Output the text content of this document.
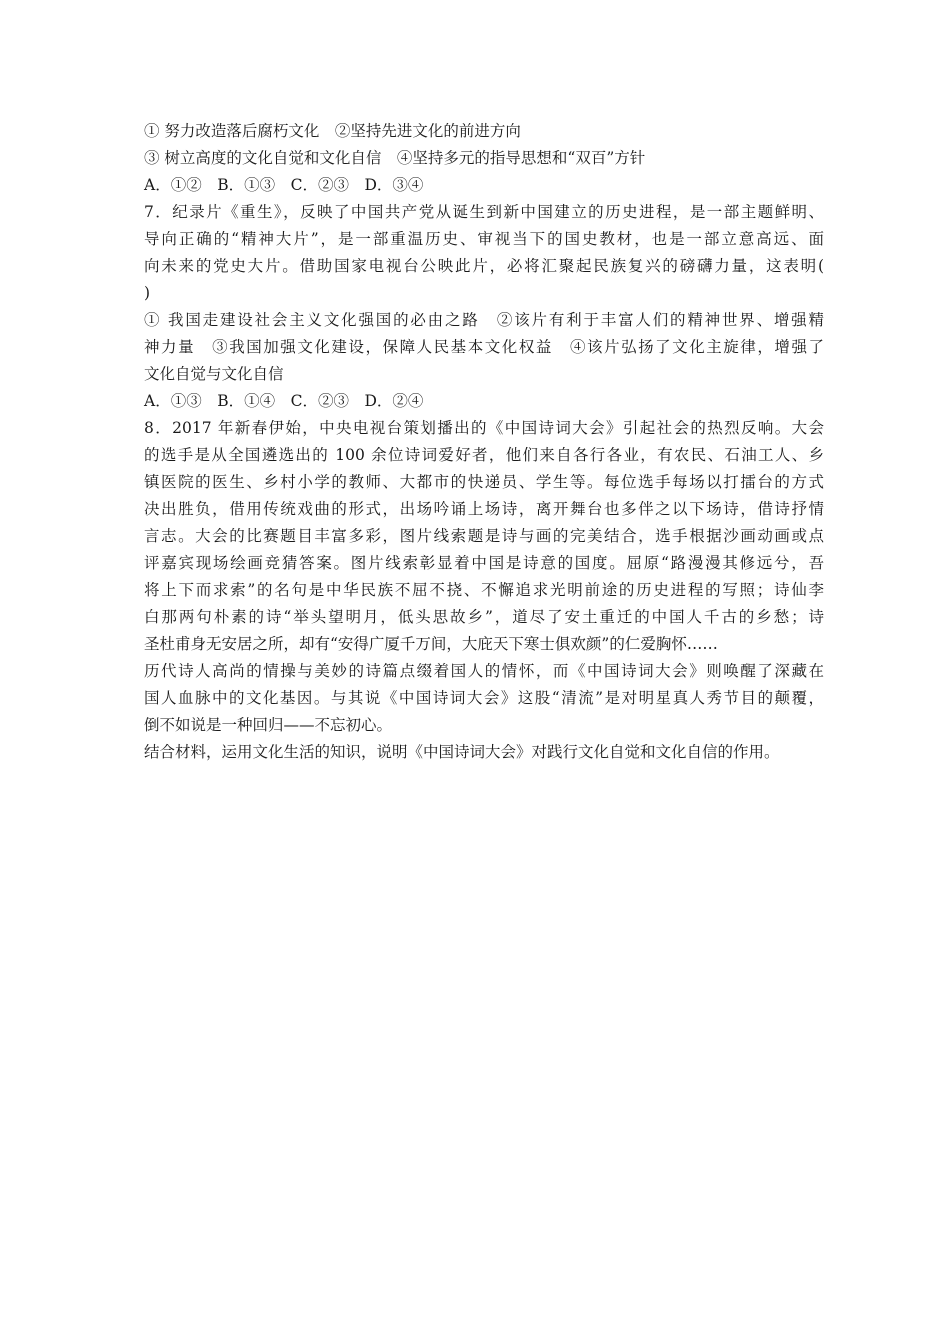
① 努力改造落后腐朽文化　②坚持先进文化的前进方向
③ 树立高度的文化自觉和文化自信　④坚持多元的指导思想和“双百”方针
A．①②　B．①③　C．②③　D．③④
7．纪录片《重生》，反映了中国共产党从诞生到新中国建立的历史进程，是一部主题鲜明、
导向正确的“精神大片”，是一部重温历史、审视当下的国史教材，也是一部立意高远、面
向未来的党史大片。借助国家电视台公映此片，必将汇聚起民族复兴的磅礴力量，这表明(
)
① 我国走建设社会主义文化强国的必由之路　②该片有利于丰富人们的精神世界、增强精
神力量　③我国加强文化建设，保障人民基本文化权益　④该片弘扬了文化主旋律，增强了
文化自觉与文化自信
A．①③　B．①④　C．②③　D．②④
8．2017 年新春伊始，中央电视台策划播出的《中国诗词大会》引起社会的热烈反响。大会
的选手是从全国遴选出的 100 余位诗词爱好者，他们来自各行各业，有农民、石油工人、乡
镇医院的医生、乡村小学的教师、大都市的快递员、学生等。每位选手每场以打擂台的方式
决出胜负，借用传统戏曲的形式，出场吟诵上场诗，离开舞台也多伴之以下场诗，借诗抒情
言志。大会的比赛题目丰富多彩，图片线索题是诗与画的完美结合，选手根据沙画动画或点
评嘉宾现场绘画竞猜答案。图片线索彰显着中国是诗意的国度。屈原“路漫漫其修远兮，吾
将上下而求索”的名句是中华民族不屈不挠、不懈追求光明前途的历史进程的写照；诗仙李
白那两句朴素的诗“举头望明月，低头思故乡”，道尽了安土重迁的中国人千古的乡愁；诗
圣杜甫身无安居之所，却有“安得广厦千万间，大庇天下寒士俱欢颜”的仁爱胸怀……
历代诗人高尚的情操与美妙的诗篇点缀着国人的情怀，而《中国诗词大会》则唤醒了深藏在
国人血脉中的文化基因。与其说《中国诗词大会》这股“清流”是对明星真人秀节目的颠覆，
倒不如说是一种回归——不忘初心。
结合材料，运用文化生活的知识，说明《中国诗词大会》对践行文化自觉和文化自信的作用。
